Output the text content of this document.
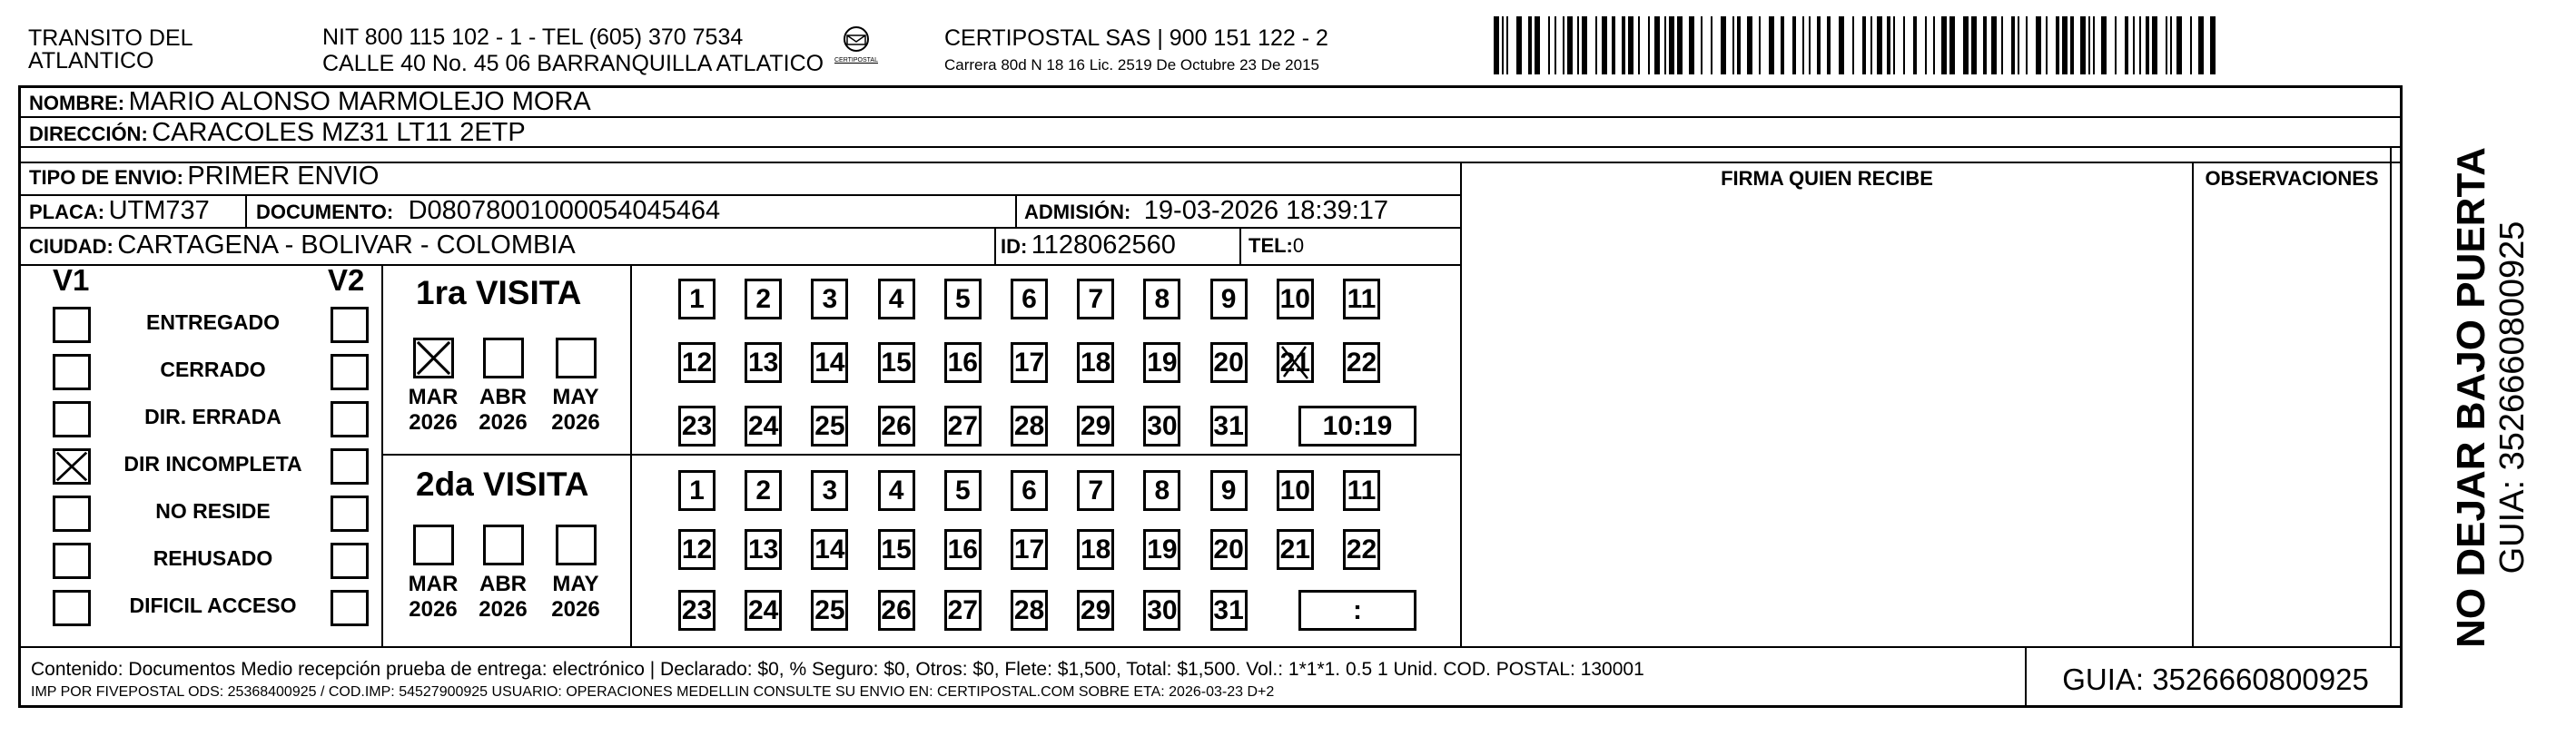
TRANSITO DEL
ATLANTICO
NIT 800 115 102 - 1 - TEL (605) 370 7534
CALLE 40 No. 45 06 BARRANQUILLA ATLATICO CERTIPOSTAL
CERTIPOSTAL SAS | 900 151 122 - 2
Carrera 80d N 18 16 Lic. 2519 De Octubre 23 De 2015
NOMBRE: MARIO ALONSO MARMOLEJO MORA
DIRECCIÓN: CARACOLES MZ31 LT11 2ETP
TIPO DE ENVIO: PRIMER ENVIO
PLACA: UTM737 DOCUMENTO: D08078001000054045464	ADMISIÓN: 19-03-2026 18:39:17
CIUDAD: CARTAGENA - BOLIVAR - COLOMBIA	ID: 1128062560	TEL:0
FIRMA QUIEN RECIBE	OBSERVACIONES
V1	V2
ENTREGADO
CERRADO
DIR. ERRADA
DIR INCOMPLETA
NO RESIDE
REHUSADO
DIFICIL ACCESO
1ra VISITA
2da VISITA
MAR
2026
ABR
2026
MAY
2026
MAR
2026
ABR
2026
MAY
2026
1	2	3	4	5	6	7	8	9	10 11
12 13 14 15 16 17 18 19 20 21 22
23 24 25 26 27 28 29 30 31	10:19
1	2	3	4	5	6	7	8	9	10 11
12 13 14 15 16 17 18 19 20 21 22
23 24 25 26 27 28 29 30 31	:	NO DEJAR BAJO PUERTA GUIA: 3526660800925
Contenido: Documentos Medio recepción prueba de entrega: electrónico | Declarado: $0, % Seguro: $0, Otros: $0, Flete: $1,500, Total: $1,500. Vol.: 1*1*1. 0.5 1 Unid. COD. POSTAL: 130001
IMP POR FIVEPOSTAL ODS: 25368400925 / COD.IMP: 54527900925 USUARIO: OPERACIONES MEDELLIN CONSULTE SU ENVIO EN: CERTIPOSTAL.COM SOBRE ETA: 2026-03-23 D+2	GUIA: 3526660800925
